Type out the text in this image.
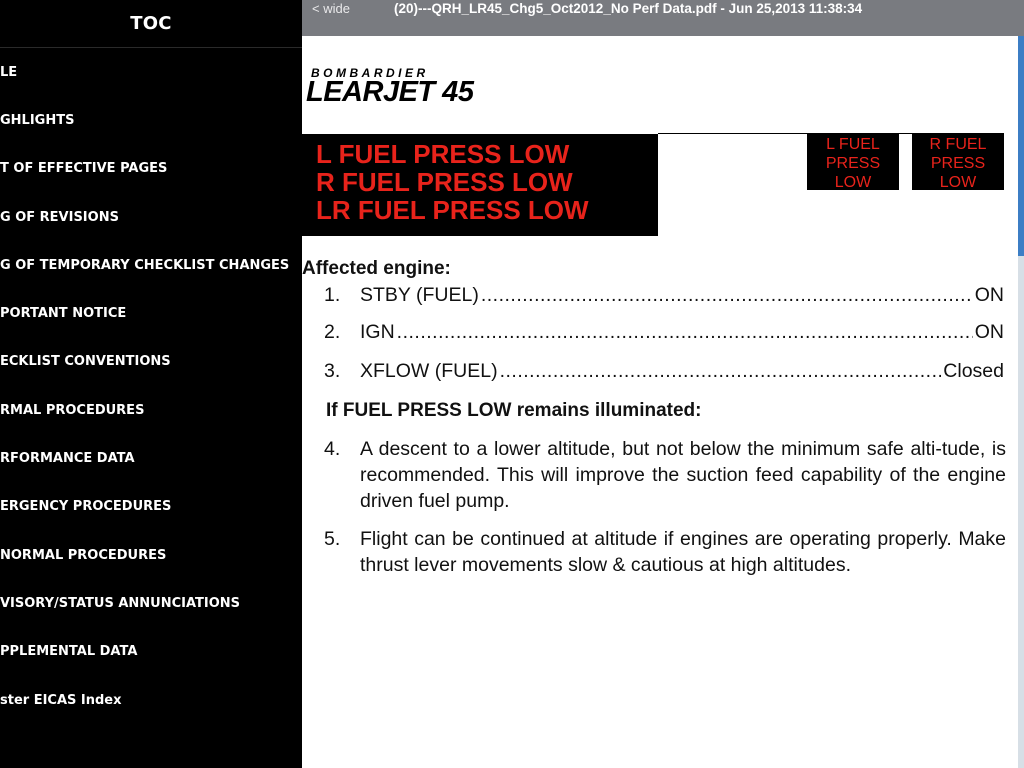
TOC
LE
GHLIGHTS
T OF EFFECTIVE PAGES
G OF REVISIONS
G OF TEMPORARY CHECKLIST CHANGES
PORTANT NOTICE
ECKLIST CONVENTIONS
RMAL PROCEDURES
RFORMANCE DATA
ERGENCY PROCEDURES
NORMAL PROCEDURES
VISORY/STATUS ANNUNCIATIONS
PPLEMENTAL DATA
ster EICAS Index
< wide	(20)---QRH_LR45_Chg5_Oct2012_No Perf Data.pdf - Jun 25,2013 11:38:34
BOMBARDIER
LEARJET 45
L FUEL PRESS LOW
R FUEL PRESS LOW
LR FUEL PRESS LOW
L FUEL
PRESS
LOW
R FUEL
PRESS
LOW
Affected engine:
1.	STBY (FUEL) .....	ON
2.	IGN .....	ON
3.	XFLOW (FUEL) .....	Closed
If FUEL PRESS LOW remains illuminated:
4.	A descent to a lower altitude, but not below the minimum safe alti-tude, is recommended. This will improve the suction feed capability of the engine driven fuel pump.
5.	Flight can be continued at altitude if engines are operating properly. Make thrust lever movements slow & cautious at high altitudes.
